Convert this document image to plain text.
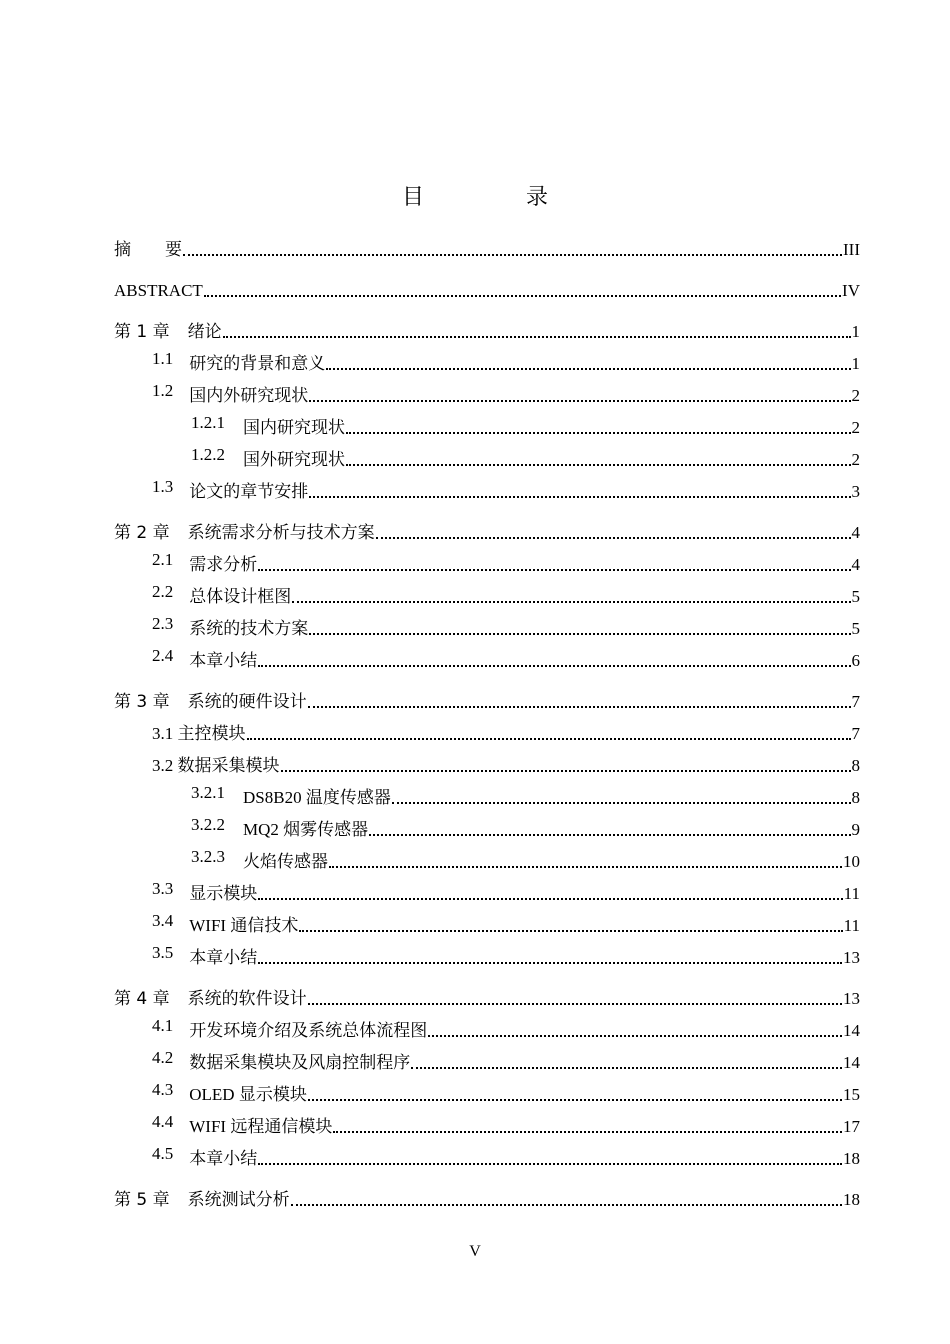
目　录
摘　　要	III
ABSTRACT	IV
第 1 章 绪论	1
1.1 研究的背景和意义	1
1.2 国内外研究现状	2
1.2.1 国内研究现状	2
1.2.2 国外研究现状	2
1.3 论文的章节安排	3
第 2 章 系统需求分析与技术方案	4
2.1 需求分析	4
2.2 总体设计框图	5
2.3 系统的技术方案	5
2.4 本章小结	6
第 3 章 系统的硬件设计	7
3.1 主控模块	7
3.2 数据采集模块	8
3.2.1 DS8B20 温度传感器	8
3.2.2 MQ2 烟雾传感器	9
3.2.3 火焰传感器	10
3.3 显示模块	11
3.4 WIFI 通信技术	11
3.5 本章小结	13
第 4 章 系统的软件设计	13
4.1 开发环境介绍及系统总体流程图	14
4.2 数据采集模块及风扇控制程序	14
4.3 OLED 显示模块	15
4.4 WIFI 远程通信模块	17
4.5 本章小结	18
第 5 章 系统测试分析	18
V
